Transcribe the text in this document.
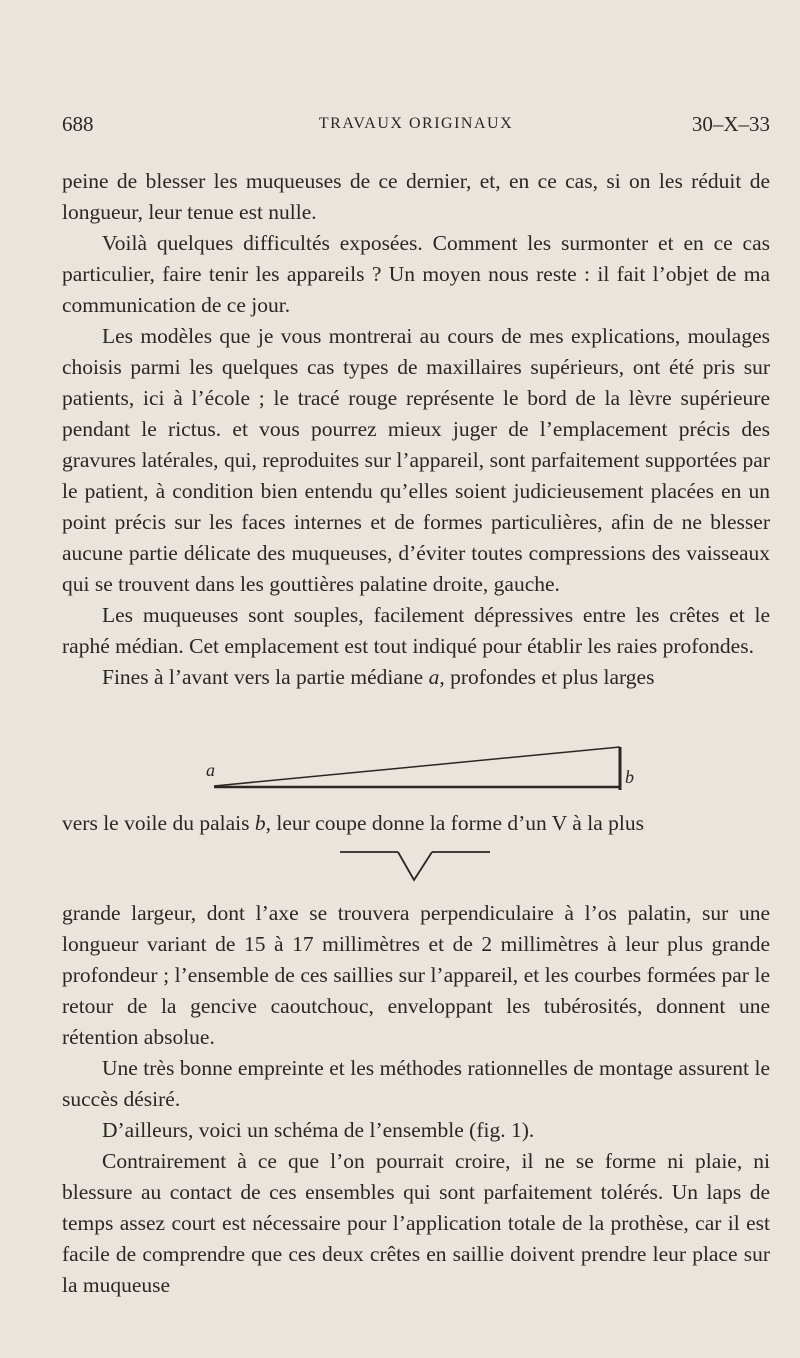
688	TRAVAUX ORIGINAUX	30–X–33

peine de blesser les muqueuses de ce dernier, et, en ce cas, si on les réduit de longueur, leur tenue est nulle.

Voilà quelques difficultés exposées. Comment les surmonter et en ce cas particulier, faire tenir les appareils ? Un moyen nous reste : il fait l’objet de ma communication de ce jour.

Les modèles que je vous montrerai au cours de mes explications, moulages choisis parmi les quelques cas types de maxillaires supérieurs, ont été pris sur patients, ici à l’école ; le tracé rouge représente le bord de la lèvre supérieure pendant le rictus. et vous pourrez mieux juger de l’emplacement précis des gravures latérales, qui, reproduites sur l’appareil, sont parfaitement supportées par le patient, à condition bien entendu qu’elles soient judicieusement placées en un point précis sur les faces internes et de formes particulières, afin de ne blesser aucune partie délicate des muqueuses, d’éviter toutes compressions des vaisseaux qui se trouvent dans les gouttières palatine droite, gauche.

Les muqueuses sont souples, facilement dépressives entre les crêtes et le raphé médian. Cet emplacement est tout indiqué pour établir les raies profondes.

Fines à l’avant vers la partie médiane a, profondes et plus larges

a	b

vers le voile du palais b, leur coupe donne la forme d’un V à la plus

grande largeur, dont l’axe se trouvera perpendiculaire à l’os palatin, sur une longueur variant de 15 à 17 millimètres et de 2 millimètres à leur plus grande profondeur ; l’ensemble de ces saillies sur l’appareil, et les courbes formées par le retour de la gencive caoutchouc, enveloppant les tubérosités, donnent une rétention absolue.

Une très bonne empreinte et les méthodes rationnelles de montage assurent le succès désiré.

D’ailleurs, voici un schéma de l’ensemble (fig. 1).

Contrairement à ce que l’on pourrait croire, il ne se forme ni plaie, ni blessure au contact de ces ensembles qui sont parfaitement tolérés. Un laps de temps assez court est nécessaire pour l’application totale de la prothèse, car il est facile de comprendre que ces deux crêtes en saillie doivent prendre leur place sur la muqueuse
